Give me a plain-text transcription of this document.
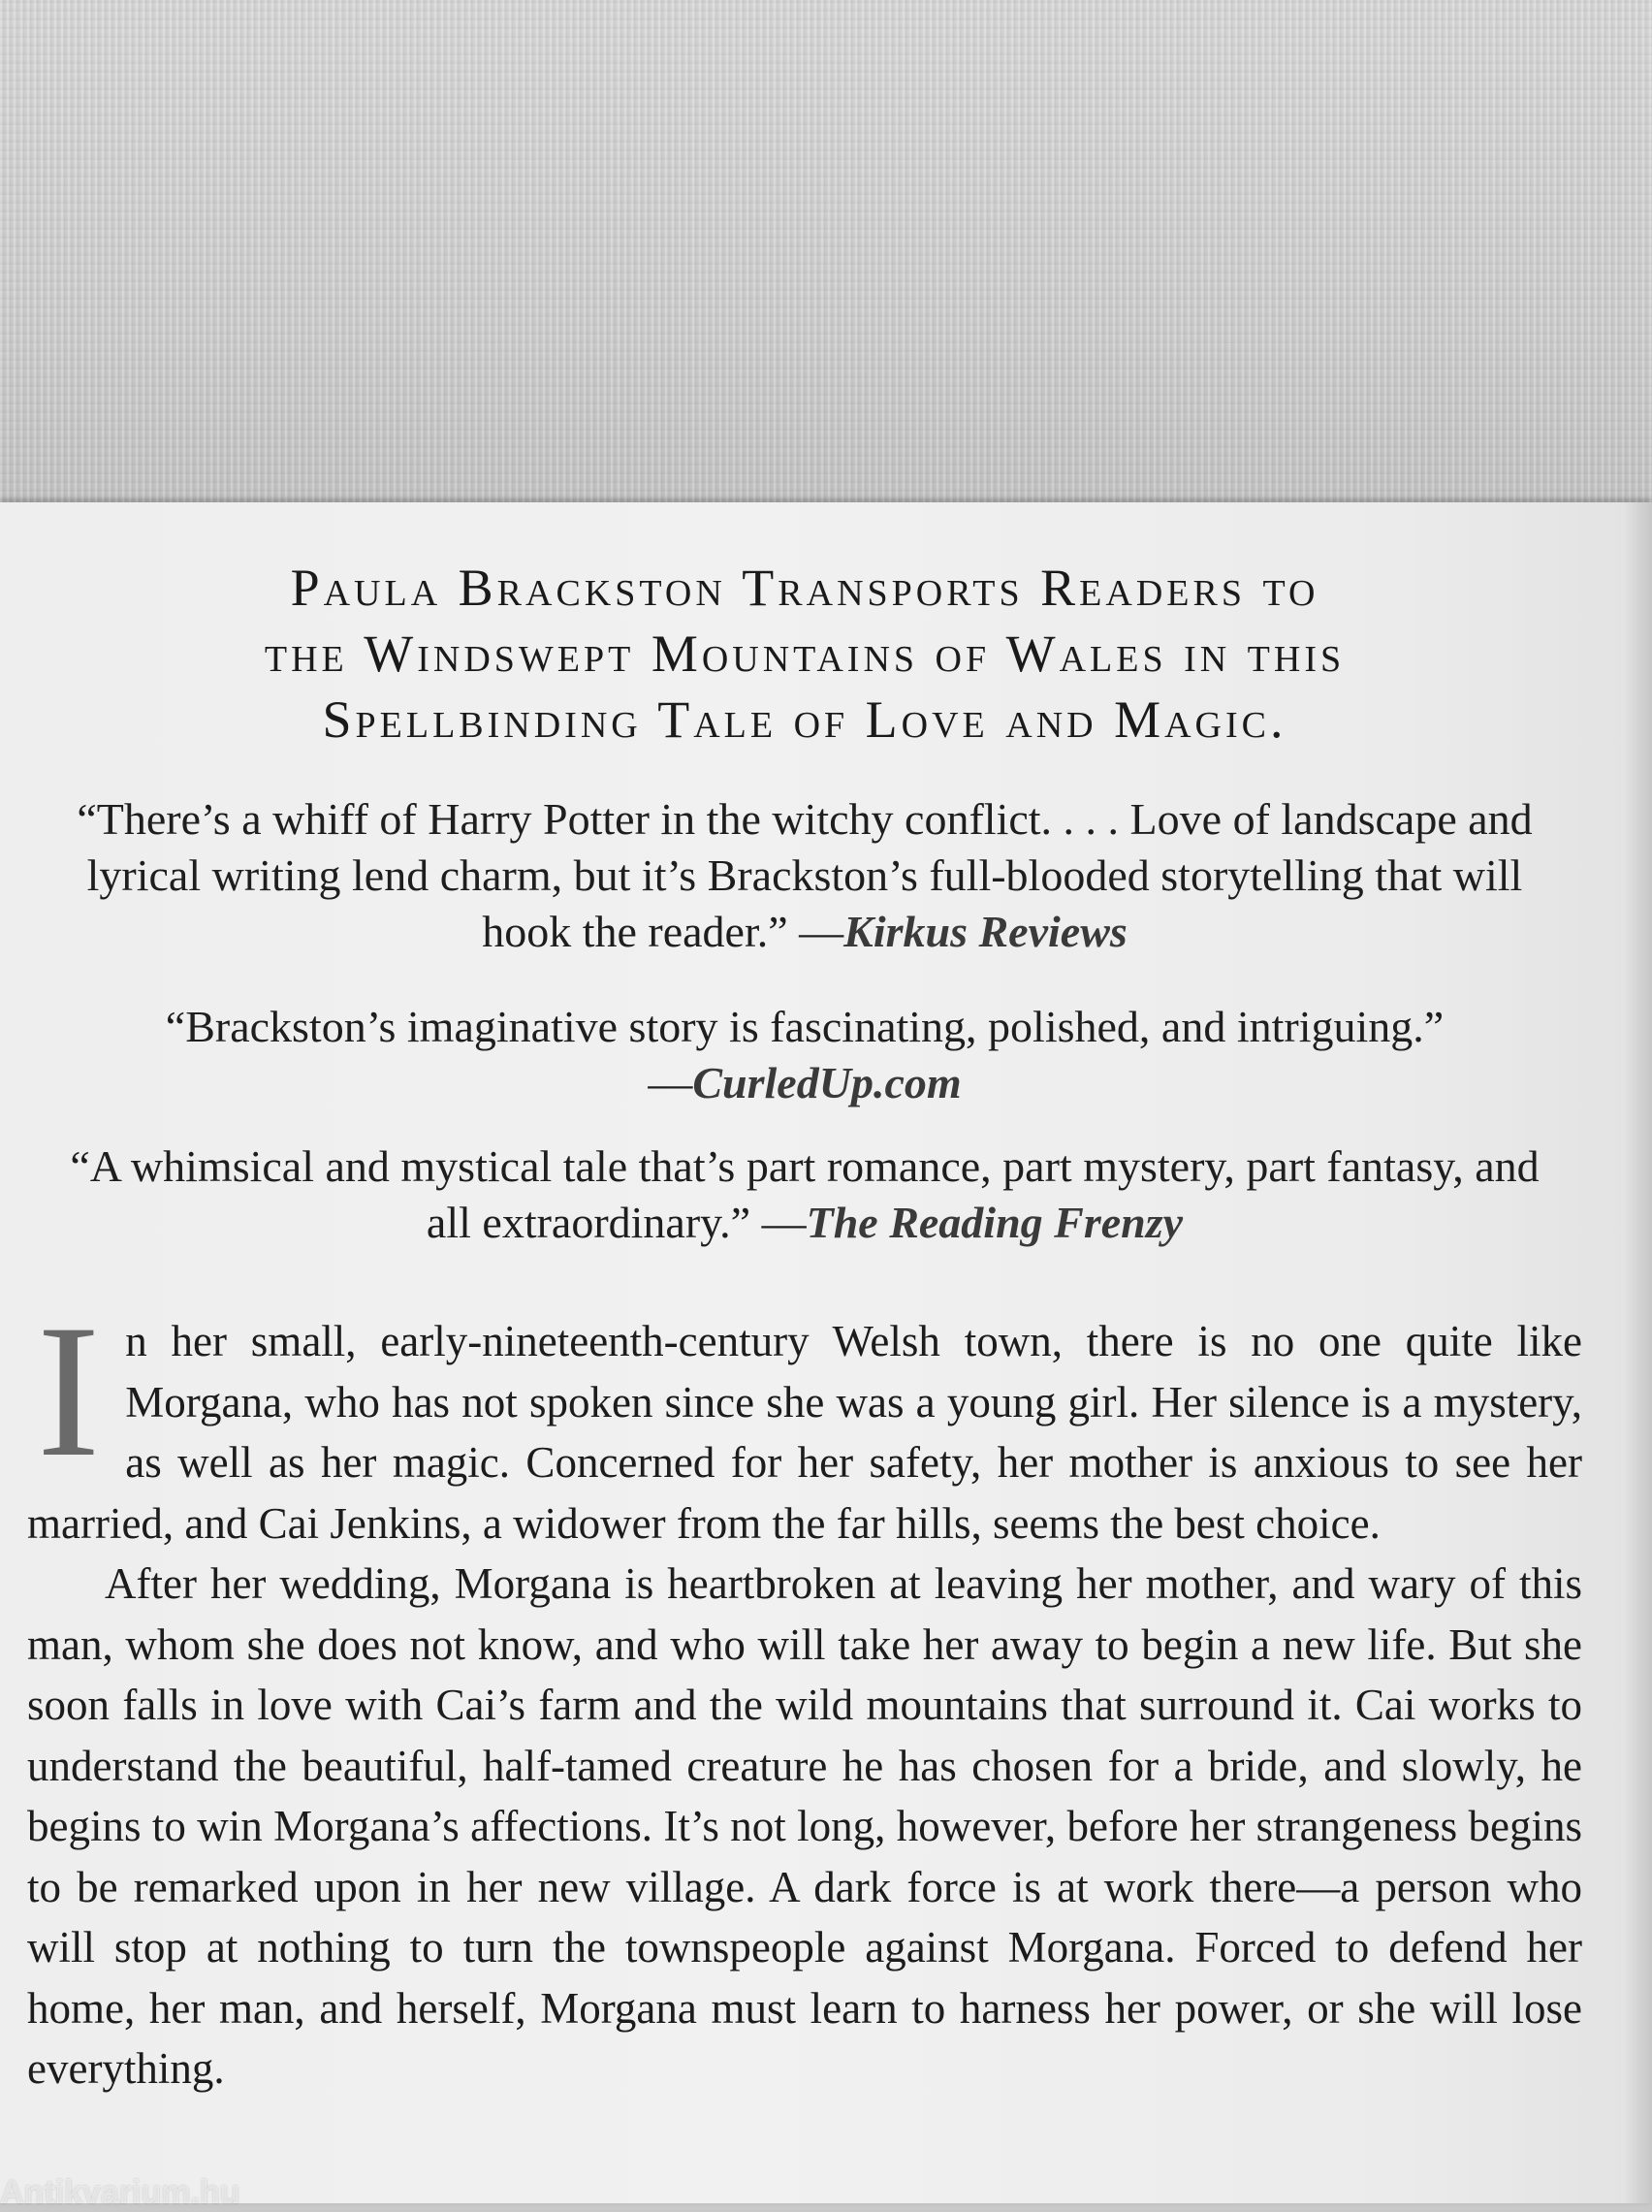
Paula Brackston Transports Readers to
the Windswept Mountains of Wales in this
Spellbinding Tale of Love and Magic.
“There’s a whiff of Harry Potter in the witchy conflict. . . . Love of landscape and lyrical writing lend charm, but it’s Brackston’s full-blooded storytelling that will hook the reader.” —Kirkus Reviews
“Brackston’s imaginative story is fascinating, polished, and intriguing.”
—CurledUp.com
“A whimsical and mystical tale that’s part romance, part mystery, part fantasy, and all extraordinary.” —The Reading Frenzy

In her small, early-nineteenth-century Welsh town, there is no one quite like Morgana, who has not spoken since she was a young girl. Her silence is a mystery, as well as her magic. Concerned for her safety, her mother is anxious to see her married, and Cai Jenkins, a widower from the far hills, seems the best choice.

After her wedding, Morgana is heartbroken at leaving her mother, and wary of this man, whom she does not know, and who will take her away to begin a new life. But she soon falls in love with Cai’s farm and the wild mountains that surround it. Cai works to understand the beautiful, half-tamed creature he has chosen for a bride, and slowly, he begins to win Morgana’s affections. It’s not long, however, before her strangeness begins to be remarked upon in her new village. A dark force is at work there—a person who will stop at nothing to turn the townspeople against Morgana. Forced to defend her home, her man, and herself, Morgana must learn to harness her power, or she will lose everything.

Antikvarium.hu
